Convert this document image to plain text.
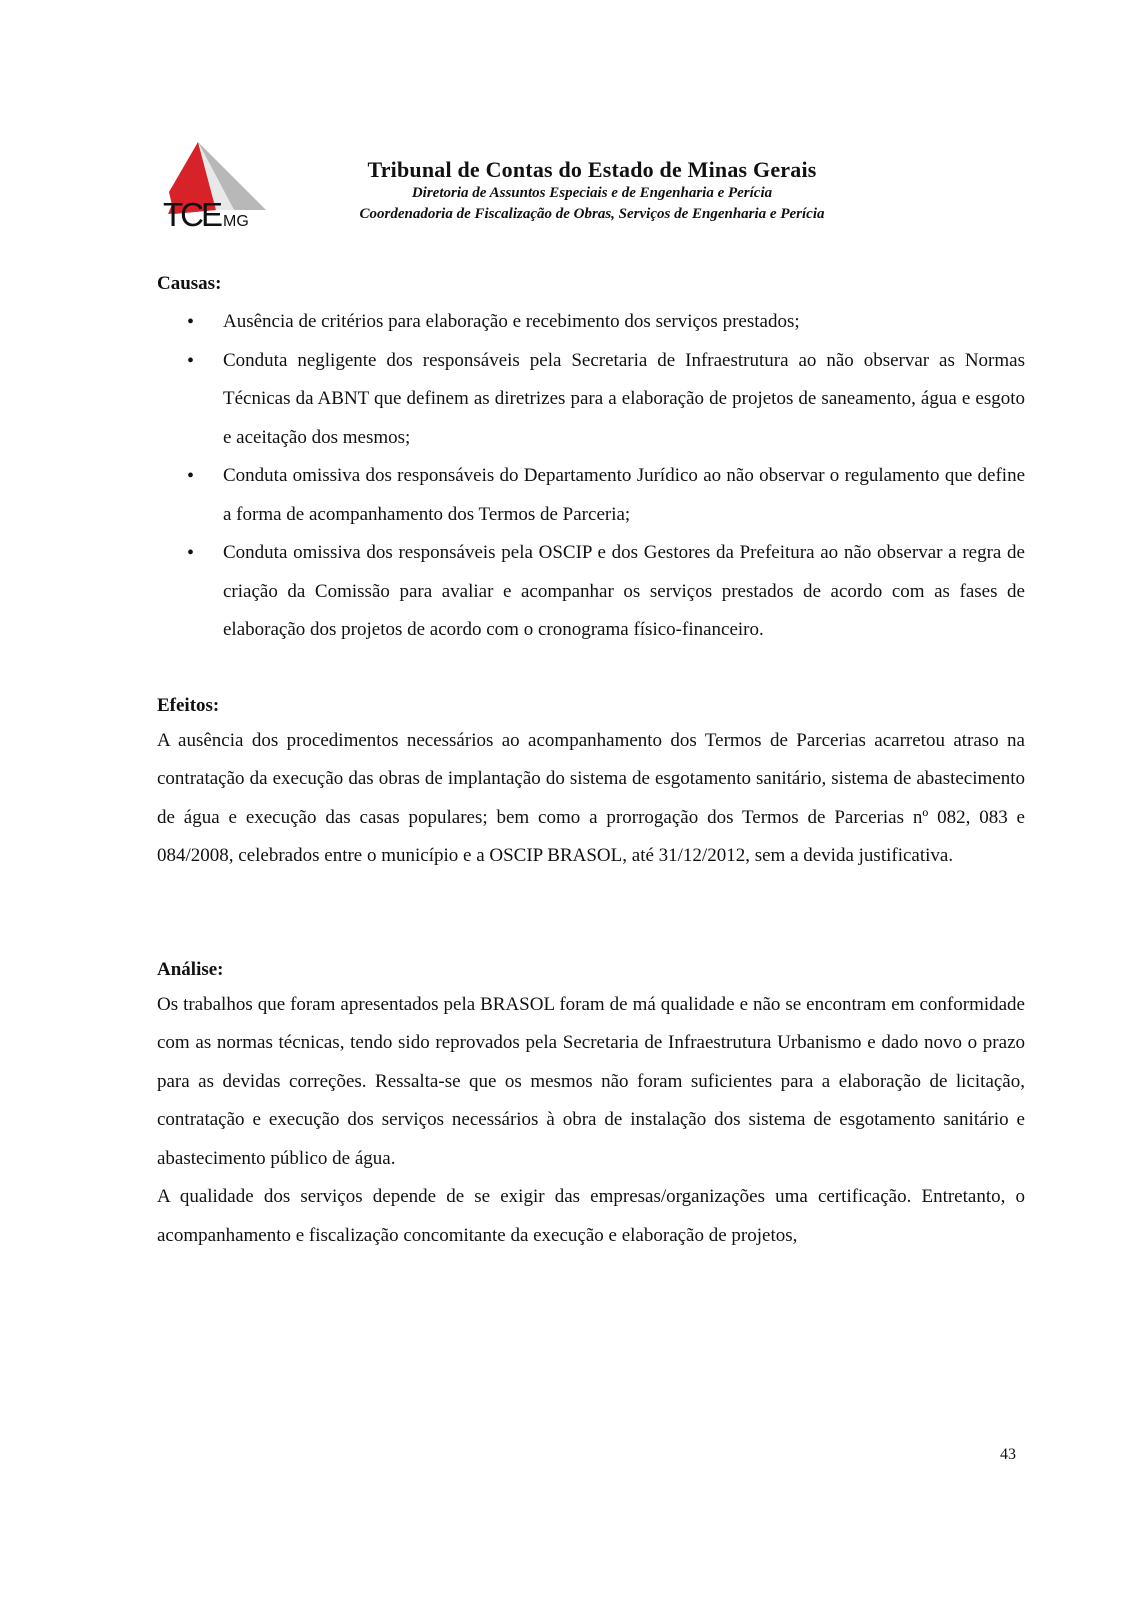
TCE MG
Tribunal de Contas do Estado de Minas Gerais
Diretoria de Assuntos Especiais e de Engenharia e Perícia
Coordenadoria de Fiscalização de Obras, Serviços de Engenharia e Perícia
Causas:
• Ausência de critérios para elaboração e recebimento dos serviços prestados;
• Conduta negligente dos responsáveis pela Secretaria de Infraestrutura ao não observar as Normas Técnicas da ABNT que definem as diretrizes para a elaboração de projetos de saneamento, água e esgoto e aceitação dos mesmos;
• Conduta omissiva dos responsáveis do Departamento Jurídico ao não observar o regulamento que define a forma de acompanhamento dos Termos de Parceria;
• Conduta omissiva dos responsáveis pela OSCIP e dos Gestores da Prefeitura ao não observar a regra de criação da Comissão para avaliar e acompanhar os serviços prestados de acordo com as fases de elaboração dos projetos de acordo com o cronograma físico-financeiro.
Efeitos:

A ausência dos procedimentos necessários ao acompanhamento dos Termos de Parcerias acarretou atraso na contratação da execução das obras de implantação do sistema de esgotamento sanitário, sistema de abastecimento de água e execução das casas populares; bem como a prorrogação dos Termos de Parcerias nº 082, 083 e 084/2008, celebrados entre o município e a OSCIP BRASOL, até 31/12/2012, sem a devida justificativa.

Análise:

Os trabalhos que foram apresentados pela BRASOL foram de má qualidade e não se encontram em conformidade com as normas técnicas, tendo sido reprovados pela Secretaria de Infraestrutura Urbanismo e dado novo o prazo para as devidas correções. Ressalta-se que os mesmos não foram suficientes para a elaboração de licitação, contratação e execução dos serviços necessários à obra de instalação dos sistema de esgotamento sanitário e abastecimento público de água.

A qualidade dos serviços depende de se exigir das empresas/organizações uma certificação. Entretanto, o acompanhamento e fiscalização concomitante da execução e elaboração de projetos,

43
